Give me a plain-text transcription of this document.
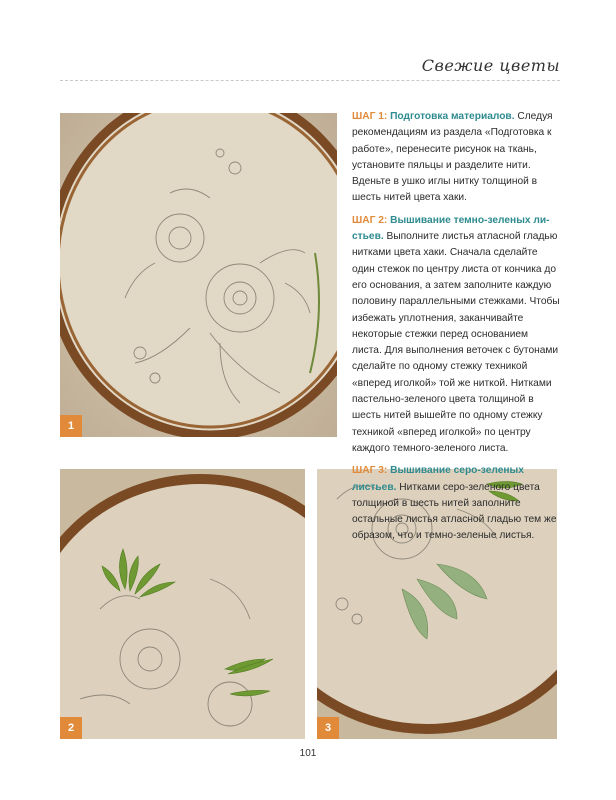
Свежие цветы
1
2	3

ШАГ 1: Подготовка материалов. Следуя рекомендациям из раздела «Подготовка к работе», перенесите рисунок на ткань, установите пяльцы и разделите нити. Вденьте в ушко иглы нитку толщиной в шесть нитей цвета хаки.

ШАГ 2: Вышивание темно-зеленых листьев. Выполните листья атласной гладью нитками цвета хаки. Сначала сделайте один стежок по центру листа от кончика до его основания, а затем заполните каждую половину параллельными стежками. Чтобы избежать уплотнения, заканчивайте некоторые стежки перед основанием листа. Для выполнения веточек с бутонами сделайте по одному стежку техникой «вперед иголкой» той же ниткой. Нитками пастельно-зеленого цвета толщиной в шесть нитей вышейте по одному стежку техникой «вперед иголкой» по центру каждого темного-зеленого листа.

ШАГ 3: Вышивание серо-зеленых листьев. Нитками серо-зеленого цвета толщиной в шесть нитей заполните остальные листья атласной гладью тем же образом, что и темно-зеленые листья.

101
